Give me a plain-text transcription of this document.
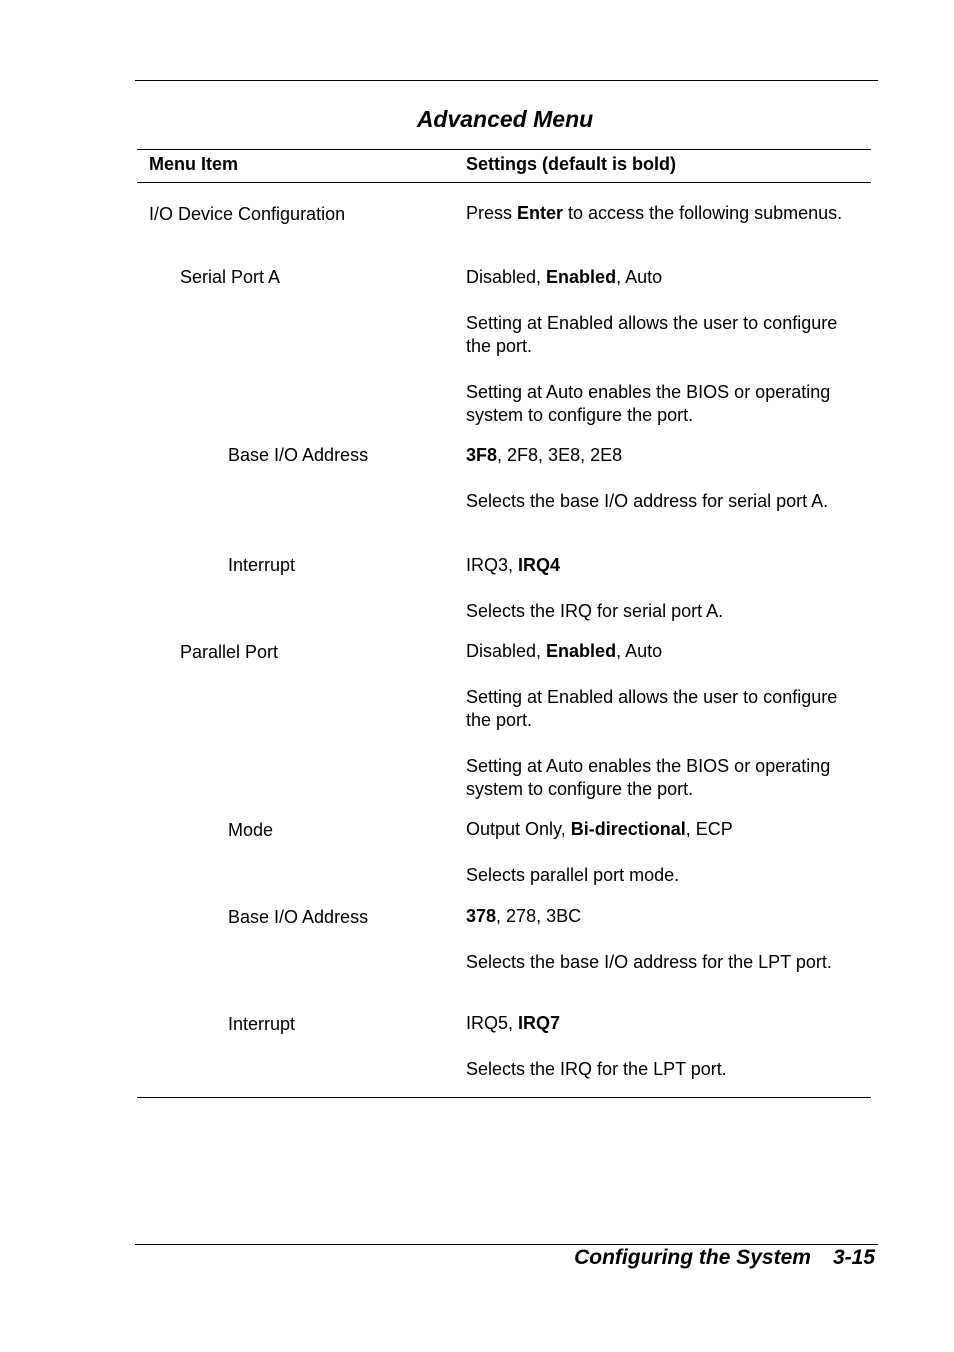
Advanced Menu
Menu Item	Settings (default is bold)
I/O Device Configuration	Press Enter to access the following submenus.
Serial Port A	Disabled, Enabled, Auto
Setting at Enabled allows the user to configure the port.
Setting at Auto enables the BIOS or operating system to configure the port.
Base I/O Address	3F8, 2F8, 3E8, 2E8
Selects the base I/O address for serial port A.
Interrupt	IRQ3, IRQ4
Selects the IRQ for serial port A.
Parallel Port	Disabled, Enabled, Auto
Setting at Enabled allows the user to configure the port.
Setting at Auto enables the BIOS or operating system to configure the port.
Mode	Output Only, Bi-directional, ECP
Selects parallel port mode.
Base I/O Address	378, 278, 3BC
Selects the base I/O address for the LPT port.
Interrupt	IRQ5, IRQ7
Selects the IRQ for the LPT port.
Configuring the System 3-15
